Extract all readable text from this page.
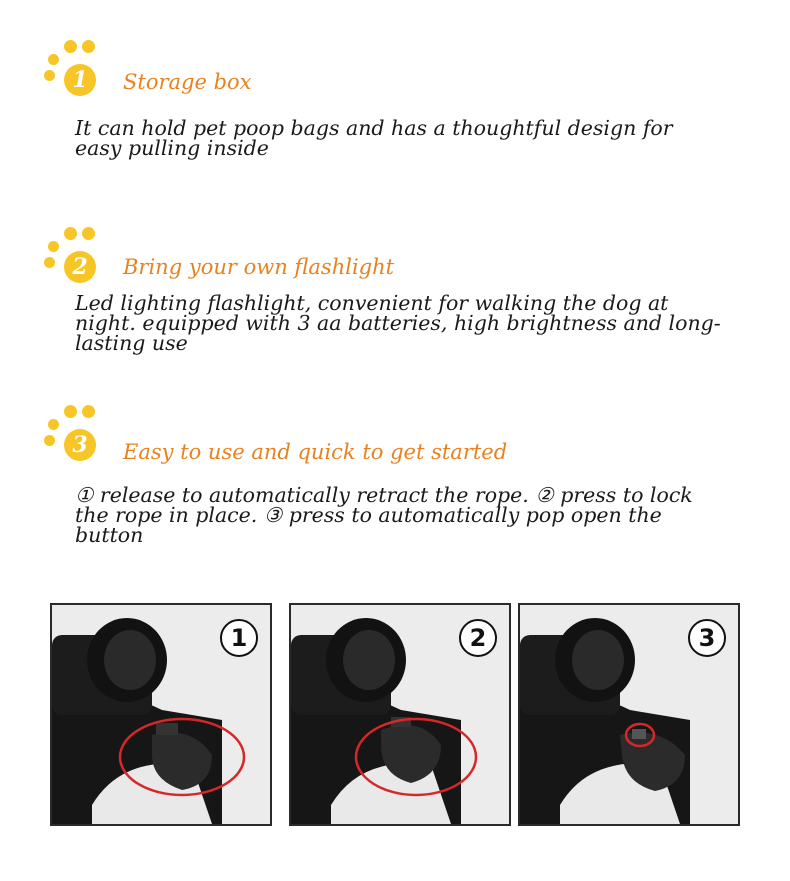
1	Storage box
It can hold pet poop bags and has a thoughtful design for easy pulling inside
2	Bring your own flashlight
Led lighting flashlight, convenient for walking the dog at night. equipped with 3 aa batteries, high brightness and long-lasting use
3	Easy to use and quick to get started
① release to automatically retract the rope. ② press to lock the rope in place. ③ press to automatically pop open the button
1	2	3
